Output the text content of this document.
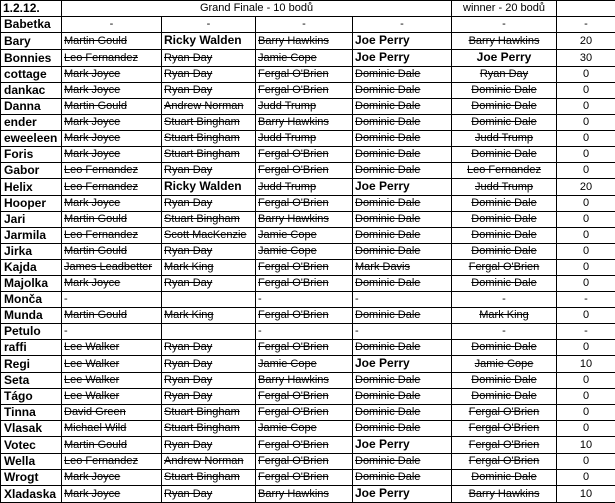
1.2.12.	Grand Finale - 10 bodů				winner - 20 bodů	
Babetka	-	-	-	-	-	-
Bary	Martin Gould	Ricky Walden	Barry Hawkins	Joe Perry	Barry Hawkins	20
Bonnies	Leo Fernandez	Ryan Day	Jamie Cope	Joe Perry	Joe Perry	30
cottage	Mark Joyce	Ryan Day	Fergal O'Brien	Dominic Dale	Ryan Day	0
dankac	Mark Joyce	Ryan Day	Fergal O'Brien	Dominic Dale	Dominic Dale	0
Danna	Martin Gould	Andrew Norman	Judd Trump	Dominic Dale	Dominic Dale	0
ender	Mark Joyce	Stuart Bingham	Barry Hawkins	Dominic Dale	Dominic Dale	0
eweeleen	Mark Joyce	Stuart Bingham	Judd Trump	Dominic Dale	Judd Trump	0
Foris	Mark Joyce	Stuart Bingham	Fergal O'Brien	Dominic Dale	Dominic Dale	0
Gabor	Leo Fernandez	Ryan Day	Fergal O'Brien	Dominic Dale	Leo Fernandez	0
Helix	Leo Fernandez	Ricky Walden	Judd Trump	Joe Perry	Judd Trump	20
Hooper	Mark Joyce	Ryan Day	Fergal O'Brien	Dominic Dale	Dominic Dale	0
Jari	Martin Gould	Stuart Bingham	Barry Hawkins	Dominic Dale	Dominic Dale	0
Jarmila	Leo Fernandez	Scott MacKenzie	Jamie Cope	Dominic Dale	Dominic Dale	0
Jirka	Martin Gould	Ryan Day	Jamie Cope	Dominic Dale	Dominic Dale	0
Kajda	James Leadbetter	Mark King	Fergal O'Brien	Mark Davis	Fergal O'Brien	0
Majolka	Mark Joyce	Ryan Day	Fergal O'Brien	Dominic Dale	Dominic Dale	0
Monča	-		-	-	-	-
Munda	Martin Gould	Mark King	Fergal O'Brien	Dominic Dale	Mark King	0
Petulo	-		-	-	-	-
raffi	Lee Walker	Ryan Day	Fergal O'Brien	Dominic Dale	Dominic Dale	0
Regi	Lee Walker	Ryan Day	Jamie Cope	Joe Perry	Jamie Cope	10
Seta	Lee Walker	Ryan Day	Barry Hawkins	Dominic Dale	Dominic Dale	0
Tágo	Lee Walker	Ryan Day	Fergal O'Brien	Dominic Dale	Dominic Dale	0
Tinna	David Green	Stuart Bingham	Fergal O'Brien	Dominic Dale	Fergal O'Brien	0
Vlasak	Michael Wild	Stuart Bingham	Jamie Cope	Dominic Dale	Fergal O'Brien	0
Votec	Martin Gould	Ryan Day	Fergal O'Brien	Joe Perry	Fergal O'Brien	10
Wella	Leo Fernandez	Andrew Norman	Fergal O'Brien	Dominic Dale	Fergal O'Brien	0
Wrogt	Mark Joyce	Stuart Bingham	Fergal O'Brien	Dominic Dale	Dominic Dale	0
Xladaska	Mark Joyce	Ryan Day	Barry Hawkins	Joe Perry	Barry Hawkins	10
